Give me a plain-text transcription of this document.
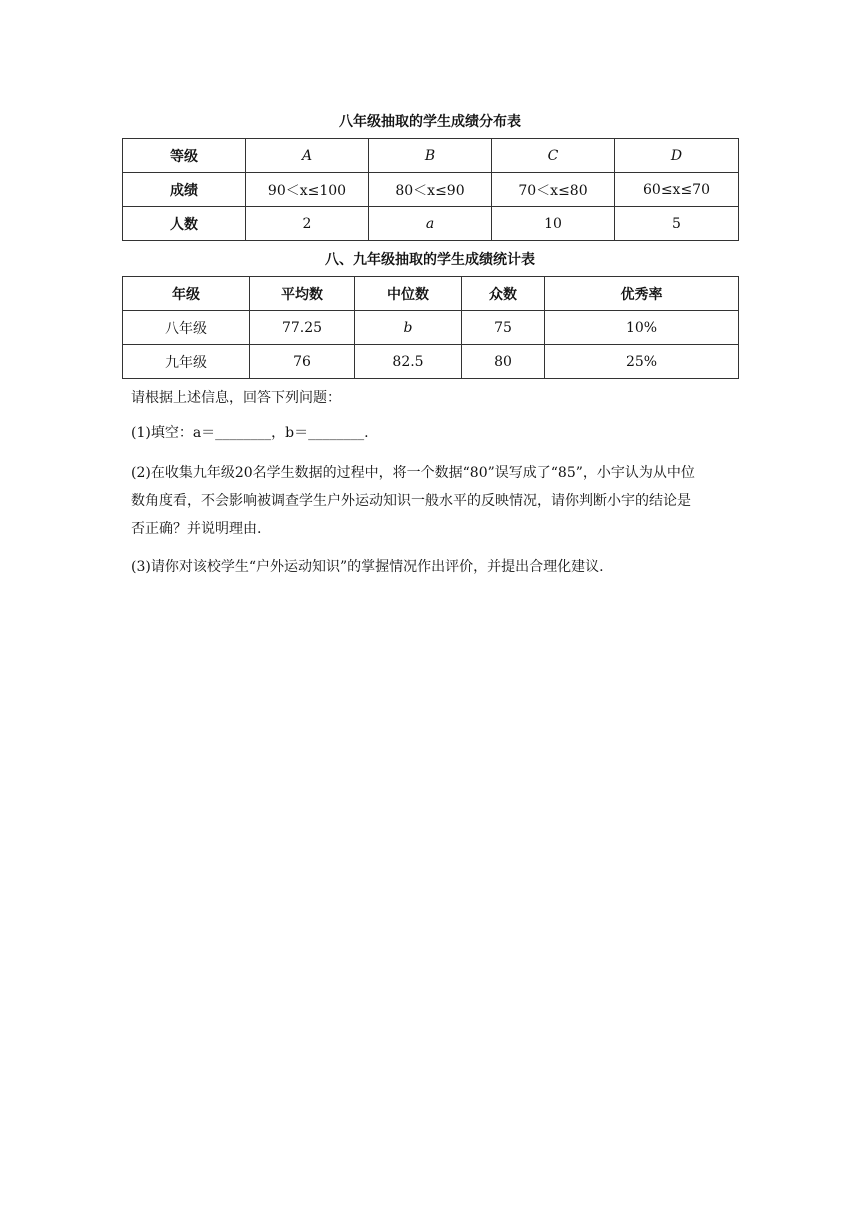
八年级抽取的学生成绩分布表
等级	A	B	C	D
成绩	90＜x≤100	80＜x≤90	70＜x≤80	60≤x≤70
人数	2	a	10	5
八、九年级抽取的学生成绩统计表
年级	平均数	中位数	众数	优秀率
八年级	77.25	b	75	10%
九年级	76	82.5	80	25%

请根据上述信息，回答下列问题：

(1)填空：a＝________，b＝________.

(2)在收集九年级20名学生数据的过程中，将一个数据“80”误写成了“85”，小宇认为从中位

数角度看，不会影响被调查学生户外运动知识一般水平的反映情况，请你判断小宇的结论是

否正确？并说明理由.

(3)请你对该校学生“户外运动知识”的掌握情况作出评价，并提出合理化建议.
